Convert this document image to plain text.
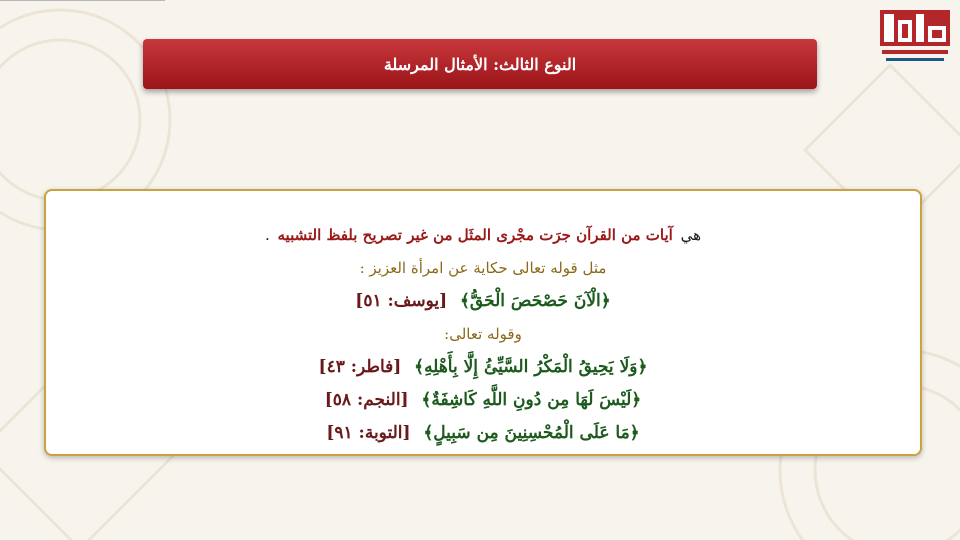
النوع الثالث: الأمثال المرسلة
هي آيات من القرآن جرَت مجْرى المثَل من غير تصريح بلفظ التشبيه .
مثل قوله تعالى حكاية عن امرأة العزيز :
﴿الْآنَ حَصْحَصَ الْحَقُّ﴾ [يوسف: ٥١]
وقوله تعالى:
﴿وَلَا يَحِيقُ الْمَكْرُ السَّيِّئُ إِلَّا بِأَهْلِهِ﴾ [فاطر: ٤٣]
﴿لَيْسَ لَهَا مِن دُونِ اللَّهِ كَاشِفَةٌ﴾ [النجم: ٥٨]
﴿مَا عَلَى الْمُحْسِنِينَ مِن سَبِيلٍ﴾ [التوبة: ٩١]
